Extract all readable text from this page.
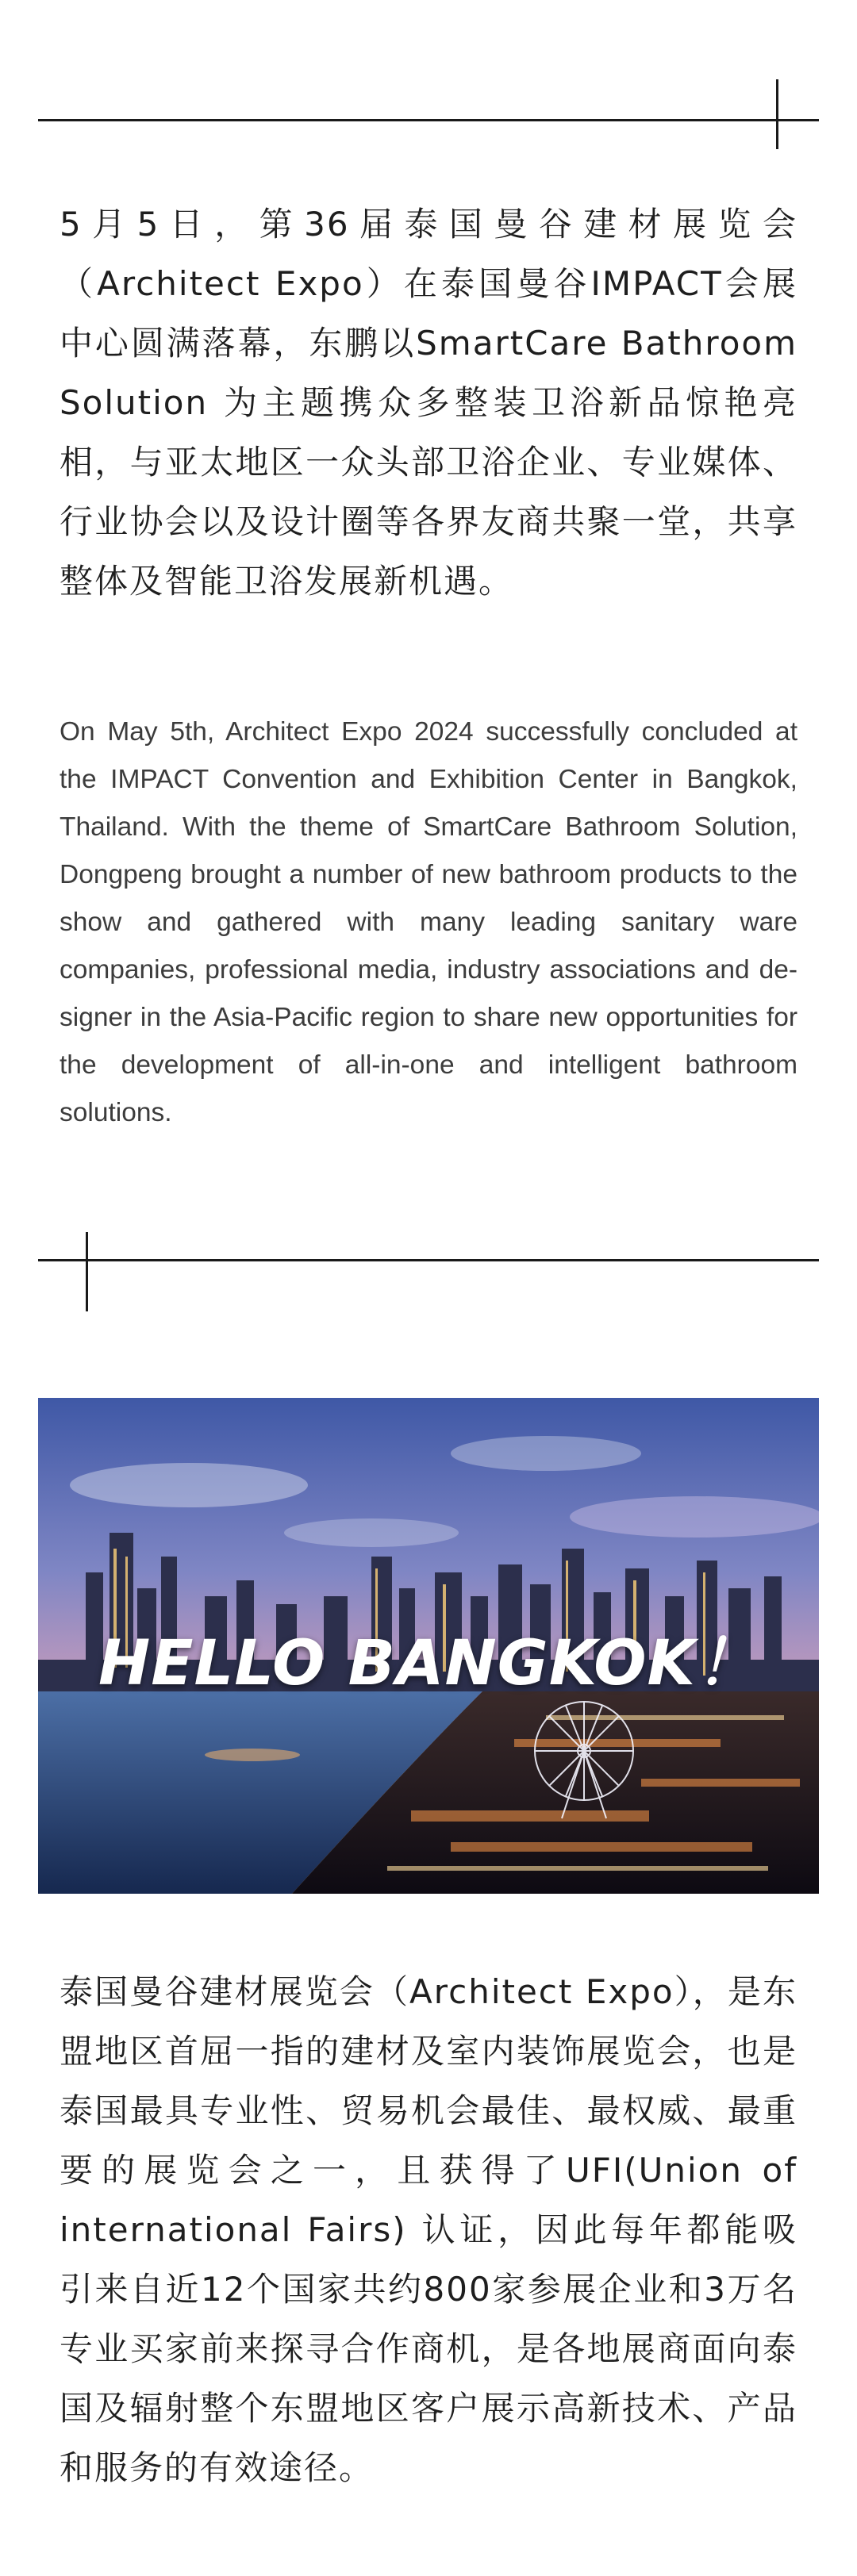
5月5日，第36届泰国曼谷建材展览会（Architect Expo）在泰国曼谷IMPACT会展中心圆满落幕，东鹏以SmartCare Bathroom Solution 为主题携众多整装卫浴新品惊艳亮相，与亚太地区一众头部卫浴企业、专业媒体、行业协会以及设计圈等各界友商共聚一堂，共享整体及智能卫浴发展新机遇。

On May 5th, Architect Expo 2024 successfully concluded at the IMPACT Convention and Exhibition Center in Bangkok, Thailand. With the theme of SmartCare Bathroom Solution, Dongpeng brought a number of new bathroom products to the show and gathered with many leading sanitary ware companies, professional media, industry associations and designer in the Asia-Pacific region to share new opportunities for the development of all-in-one and intelligent bathroom solutions.

HELLO BANGKOK！

泰国曼谷建材展览会（Architect Expo），是东盟地区首屈一指的建材及室内装饰展览会，也是泰国最具专业性、贸易机会最佳、最权威、最重要的展览会之一，且获得了UFI(Union of international Fairs) 认证，因此每年都能吸引来自近12个国家共约800家参展企业和3万名专业买家前来探寻合作商机，是各地展商面向泰国及辐射整个东盟地区客户展示高新技术、产品和服务的有效途径。
